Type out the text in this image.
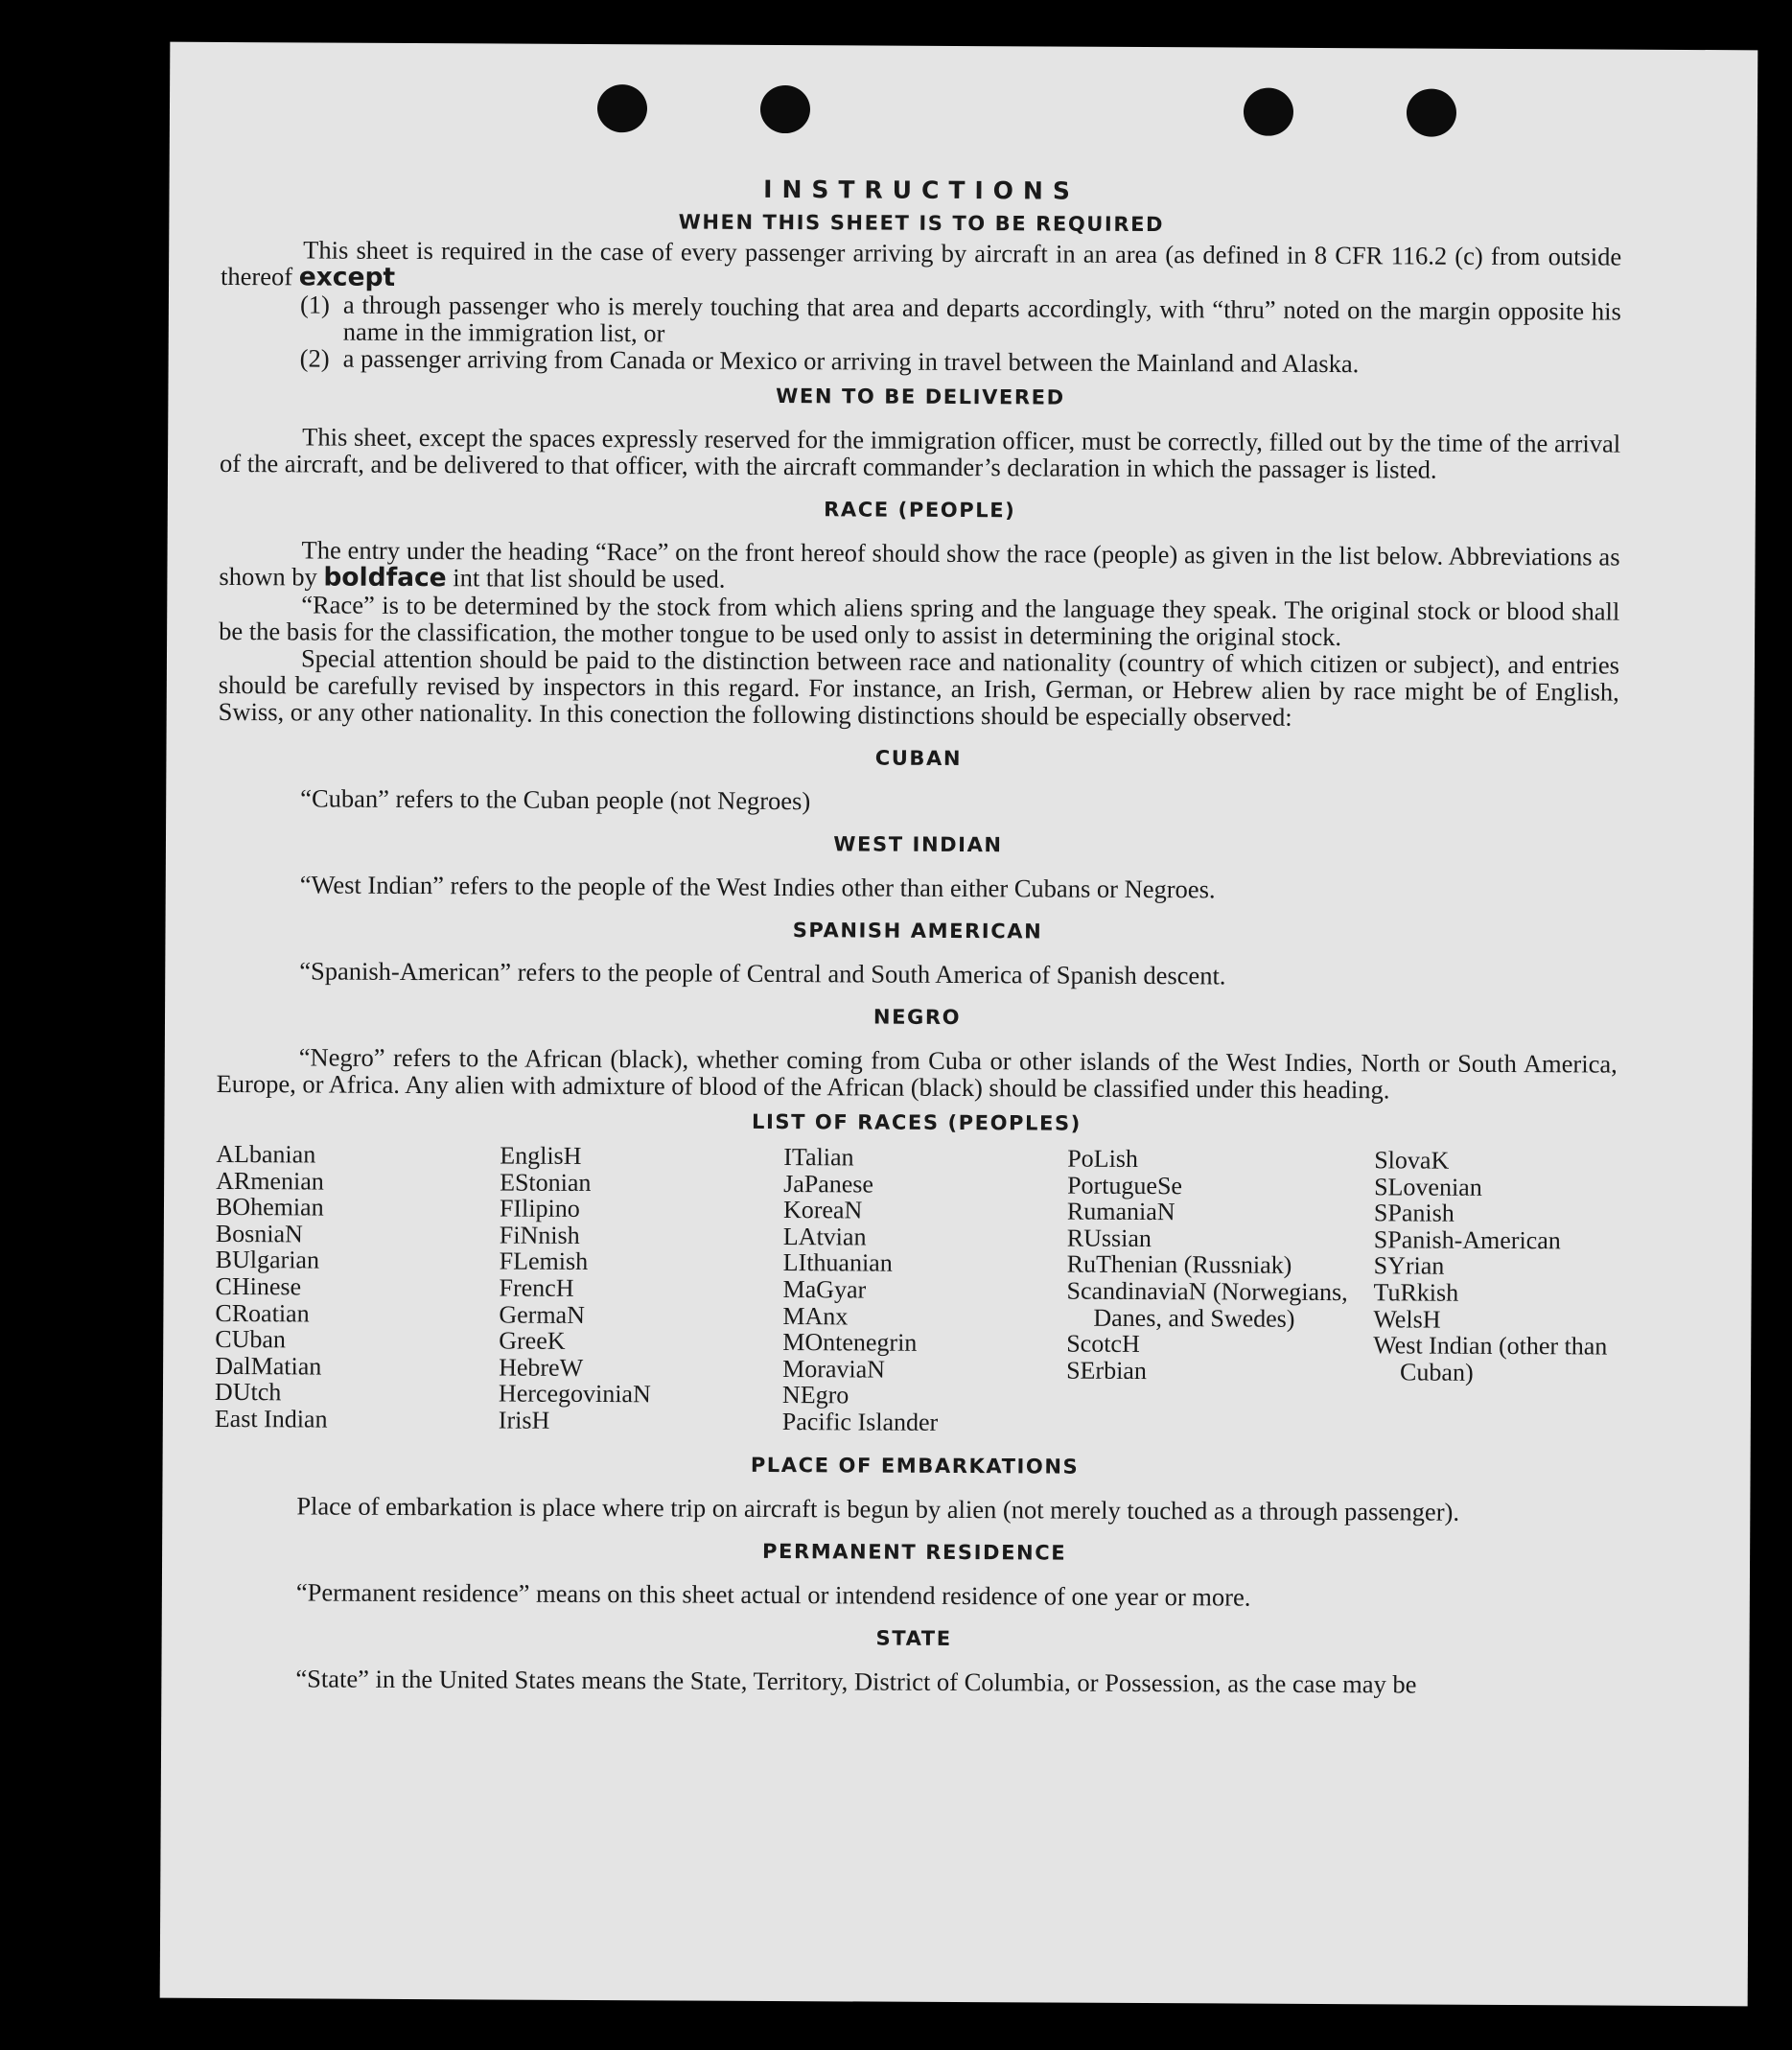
INSTRUCTIONS
WHEN THIS SHEET IS TO BE REQUIRED

This sheet is required in the case of every passenger arriving by aircraft in an area (as defined in 8 CFR 116.2 (c) from outside thereof except

(1) a through passenger who is merely touching that area and departs accordingly, with “thru” noted on the margin opposite his name in the immigration list, or
(2) a passenger arriving from Canada or Mexico or arriving in travel between the Mainland and Alaska.
WEN TO BE DELIVERED

This sheet, except the spaces expressly reserved for the immigration officer, must be correctly, filled out by the time of the arrival of the aircraft, and be delivered to that officer, with the aircraft commander’s declaration in which the passager is listed.

RACE (PEOPLE)

The entry under the heading “Race” on the front hereof should show the race (people) as given in the list below. Abbreviations as shown by boldface int that list should be used.

“Race” is to be determined by the stock from which aliens spring and the language they speak. The original stock or blood shall be the basis for the classification, the mother tongue to be used only to assist in determining the original stock.

Special attention should be paid to the distinction between race and nationality (country of which citizen or subject), and entries should be carefully revised by inspectors in this regard. For instance, an Irish, German, or Hebrew alien by race might be of English, Swiss, or any other nationality. In this conection the following distinctions should be especially observed:

CUBAN

“Cuban” refers to the Cuban people (not Negroes)

WEST INDIAN

“West Indian” refers to the people of the West Indies other than either Cubans or Negroes.

SPANISH AMERICAN

“Spanish-American” refers to the people of Central and South America of Spanish descent.

NEGRO

“Negro” refers to the African (black), whether coming from Cuba or other islands of the West Indies, North or South America, Europe, or Africa. Any alien with admixture of blood of the African (black) should be classified under this heading.

LIST OF RACES (PEOPLES)
ALbanian
ARmenian
BOhemian
BosniaN
BUlgarian
CHinese
CRoatian
CUban
DalMatian
DUtch
East Indian
EnglisH
EStonian
FIlipino
FiNnish
FLemish
FrencH
GermaN
GreeK
HebreW
HercegoviniaN
IrisH
ITalian
JaPanese
KoreaN
LAtvian
LIthuanian
MaGyar
MAnx
MOntenegrin
MoraviaN
NEgro
Pacific Islander
PoLish
PortugueSe
RumaniaN
RUssian
RuThenian (Russniak)
ScandinaviaN (Norwegians, Danes, and Swedes)
ScotcH
SErbian
SlovaK
SLovenian
SPanish
SPanish-American
SYrian
TuRkish
WelsH
West Indian (other than Cuban)
PLACE OF EMBARKATIONS

Place of embarkation is place where trip on aircraft is begun by alien (not merely touched as a through passenger).

PERMANENT RESIDENCE

“Permanent residence” means on this sheet actual or intendend residence of one year or more.

STATE

“State” in the United States means the State, Territory, District of Columbia, or Possession, as the case may be
